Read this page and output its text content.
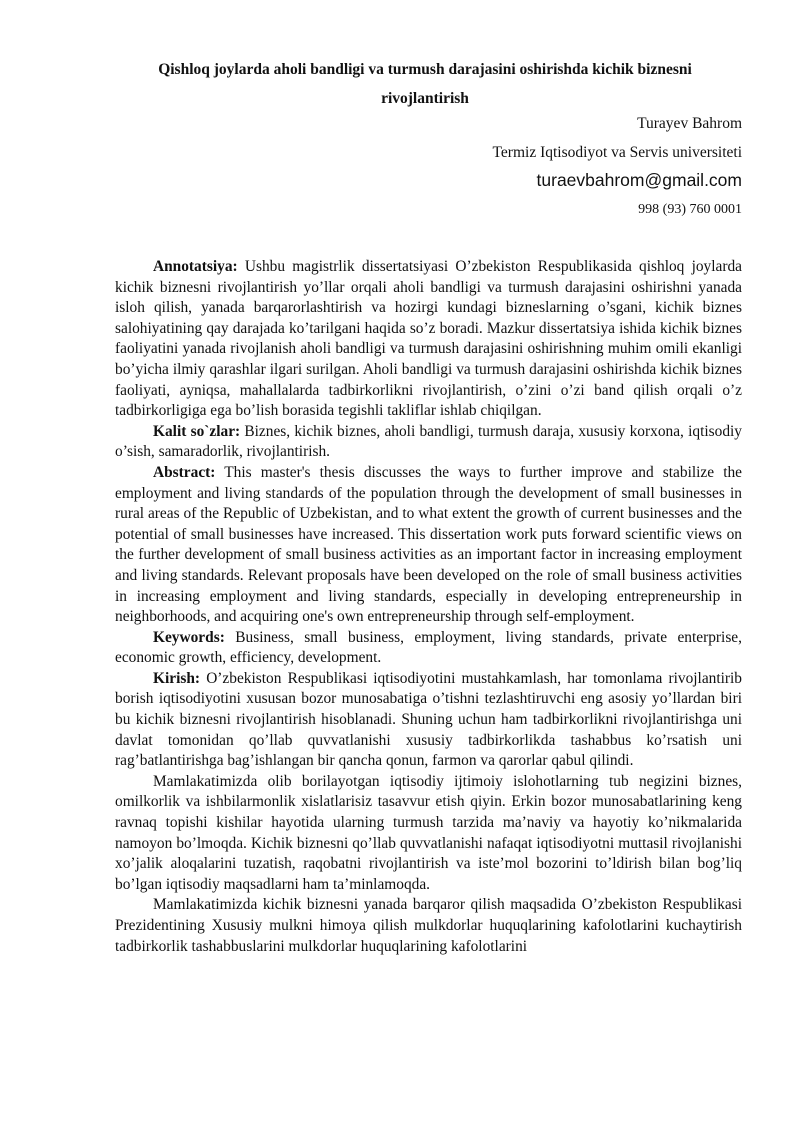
Qishloq joylarda aholi bandligi va turmush darajasini oshirishda kichik biznesni rivojlantirish
Turayev Bahrom
Termiz Iqtisodiyot va Servis universiteti
turaevbahrom@gmail.com
998 (93) 760 0001

Annotatsiya: Ushbu magistrlik dissertatsiyasi O’zbekiston Respublikasida qishloq joylarda kichik biznesni rivojlantirish yo’llar orqali aholi bandligi va turmush darajasini oshirishni yanada isloh qilish, yanada barqarorlashtirish va hozirgi kundagi bizneslarning o’sgani, kichik biznes salohiyatining qay darajada ko’tarilgani haqida so’z boradi. Mazkur dissertatsiya ishida kichik biznes faoliyatini yanada rivojlanish aholi bandligi va turmush darajasini oshirishning muhim omili ekanligi bo’yicha ilmiy qarashlar ilgari surilgan. Aholi bandligi va turmush darajasini oshirishda kichik biznes faoliyati, ayniqsa, mahallalarda tadbirkorlikni rivojlantirish, o’zini o’zi band qilish orqali o’z tadbirkorligiga ega bo’lish borasida tegishli takliflar ishlab chiqilgan.

Kalit so`zlar: Biznes, kichik biznes, aholi bandligi, turmush daraja, xususiy korxona, iqtisodiy o’sish, samaradorlik, rivojlantirish.

Abstract: This master's thesis discusses the ways to further improve and stabilize the employment and living standards of the population through the development of small businesses in rural areas of the Republic of Uzbekistan, and to what extent the growth of current businesses and the potential of small businesses have increased. This dissertation work puts forward scientific views on the further development of small business activities as an important factor in increasing employment and living standards. Relevant proposals have been developed on the role of small business activities in increasing employment and living standards, especially in developing entrepreneurship in neighborhoods, and acquiring one's own entrepreneurship through self-employment.

Keywords: Business, small business, employment, living standards, private enterprise, economic growth, efficiency, development.

Kirish: O’zbekiston Respublikasi iqtisodiyotini mustahkamlash, har tomonlama rivojlantirib borish iqtisodiyotini xususan bozor munosabatiga o’tishni tezlashtiruvchi eng asosiy yo’llardan biri bu kichik biznesni rivojlantirish hisoblanadi. Shuning uchun ham tadbirkorlikni rivojlantirishga uni davlat tomonidan qo’llab quvvatlanishi xususiy tadbirkorlikda tashabbus ko’rsatish uni rag’batlantirishga bag’ishlangan bir qancha qonun, farmon va qarorlar qabul qilindi.

Mamlakatimizda olib borilayotgan iqtisodiy ijtimoiy islohotlarning tub negizini biznes, omilkorlik va ishbilarmonlik xislatlarisiz tasavvur etish qiyin. Erkin bozor munosabatlarining keng ravnaq topishi kishilar hayotida ularning turmush tarzida ma’naviy va hayotiy ko’nikmalarida namoyon bo’lmoqda. Kichik biznesni qo’llab quvvatlanishi nafaqat iqtisodiyotni muttasil rivojlanishi xo’jalik aloqalarini tuzatish, raqobatni rivojlantirish va iste’mol bozorini to’ldirish bilan bog’liq bo’lgan iqtisodiy maqsadlarni ham ta’minlamoqda.

Mamlakatimizda kichik biznesni yanada barqaror qilish maqsadida O’zbekiston Respublikasi Prezidentining Xususiy mulkni himoya qilish mulkdorlar huquqlarining kafolotlarini kuchaytirish tadbirkorlik tashabbuslarini mulkdorlar huquqlarining kafolotlarini
